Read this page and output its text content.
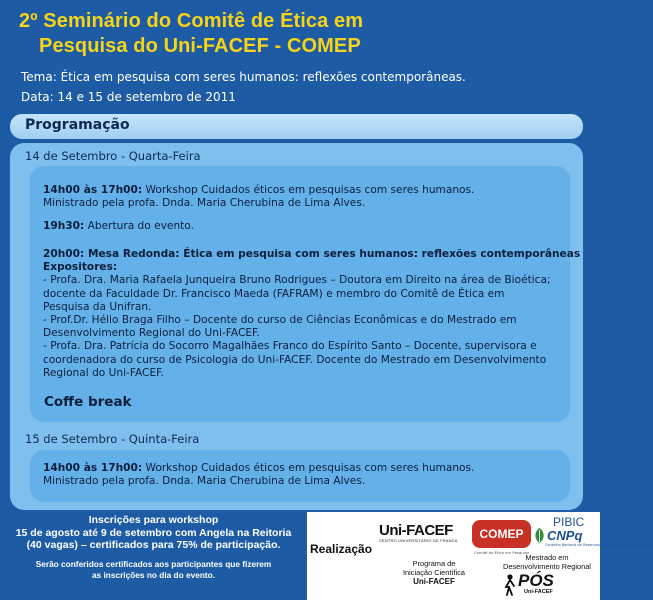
2º Seminário do Comitê de Ética em
Pesquisa do Uni-FACEF - COMEP
Tema: Ética em pesquisa com seres humanos: reflexões contemporâneas.
Data: 14 e 15 de setembro de 2011
Programação
14 de Setembro - Quarta-Feira
14h00 às 17h00: Workshop Cuidados éticos em pesquisas com seres humanos.
Ministrado pela profa. Dnda. Maria Cherubina de Lima Alves.
19h30: Abertura do evento.
20h00: Mesa Redonda: Ética em pesquisa com seres humanos: reflexões contemporâneas
Expositores:
- Profa. Dra. Maria Rafaela Junqueira Bruno Rodrigues – Doutora em Direito na área de Bioética;
docente da Faculdade Dr. Francisco Maeda (FAFRAM) e membro do Comitê de Ética em
Pesquisa da Unifran.
- Prof.Dr. Hélio Braga Filho – Docente do curso de Ciências Econômicas e do Mestrado em
Desenvolvimento Regional do Uni-FACEF.
- Profa. Dra. Patrícia do Socorro Magalhães Franco do Espírito Santo – Docente, supervisora e
coordenadora do curso de Psicologia do Uni-FACEF. Docente do Mestrado em Desenvolvimento
Regional do Uni-FACEF.
Coffe break
15 de Setembro - Quinta-Feira
14h00 às 17h00: Workshop Cuidados éticos em pesquisas com seres humanos.
Ministrado pela profa. Dnda. Maria Cherubina de Lima Alves.
Inscrições para workshop
15 de agosto até 9 de setembro com Angela na Reitoria
(40 vagas) – certificados para 75% de participação.
Serão conferidos certificados aos participantes que fizerem
as inscrições no dia do evento.
Realização
Uni-FACEF
CENTRO UNIVERSITÁRIO DE FRANCA	COMEP
Comitê de Ética em Pesquisa
PIBIC
CNPq
Conselho Nacional de Desenvolvimento Científico e Tecnológico
Programa de
Iniciação Científica
Uni-FACEF
Mestrado em
Desenvolvimento Regional
PÓS
Uni-FACEF
